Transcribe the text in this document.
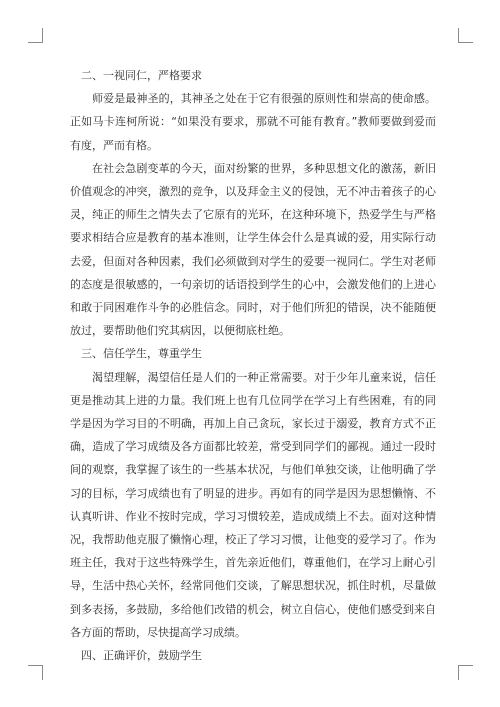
二、一视同仁，严格要求

师爱是最神圣的，其神圣之处在于它有很强的原则性和崇高的使命感。正如马卡连柯所说：“如果没有要求，那就不可能有教育。”教师要做到爱而有度，严而有格。

在社会急剧变革的今天，面对纷繁的世界，多种思想文化的激荡，新旧价值观念的冲突，激烈的竞争，以及拜金主义的侵蚀，无不冲击着孩子的心灵，纯正的师生之情失去了它原有的光环，在这种环境下，热爱学生与严格要求相结合应是教育的基本准则，让学生体会什么是真诚的爱，用实际行动去爱，但面对各种因素，我们必须做到对学生的爱要一视同仁。学生对老师的态度是很敏感的，一句亲切的话语投到学生的心中，会激发他们的上进心和敢于同困难作斗争的必胜信念。同时，对于他们所犯的错误，决不能随便放过，要帮助他们究其病因，以便彻底杜绝。

三、信任学生，尊重学生

渴望理解，渴望信任是人们的一种正常需要。对于少年儿童来说，信任更是推动其上进的力量。我们班上也有几位同学在学习上有些困难，有的同学是因为学习目的不明确，再加上自己贪玩，家长过于溺爱，教育方式不正确，造成了学习成绩及各方面都比较差，常受到同学们的鄙视。通过一段时间的观察，我掌握了该生的一些基本状况，与他们单独交谈，让他明确了学习的目标，学习成绩也有了明显的进步。再如有的同学是因为思想懒惰、不认真听讲、作业不按时完成，学习习惯较差，造成成绩上不去。面对这种情况，我帮助他克服了懒惰心理，校正了学习习惯，让他变的爱学习了。作为班主任，我对于这些特殊学生，首先亲近他们，尊重他们，在学习上耐心引导，生活中热心关怀，经常同他们交谈，了解思想状况，抓住时机，尽量做到多表扬，多鼓励，多给他们改错的机会，树立自信心，使他们感受到来自各方面的帮助，尽快提高学习成绩。

四、正确评价，鼓励学生
